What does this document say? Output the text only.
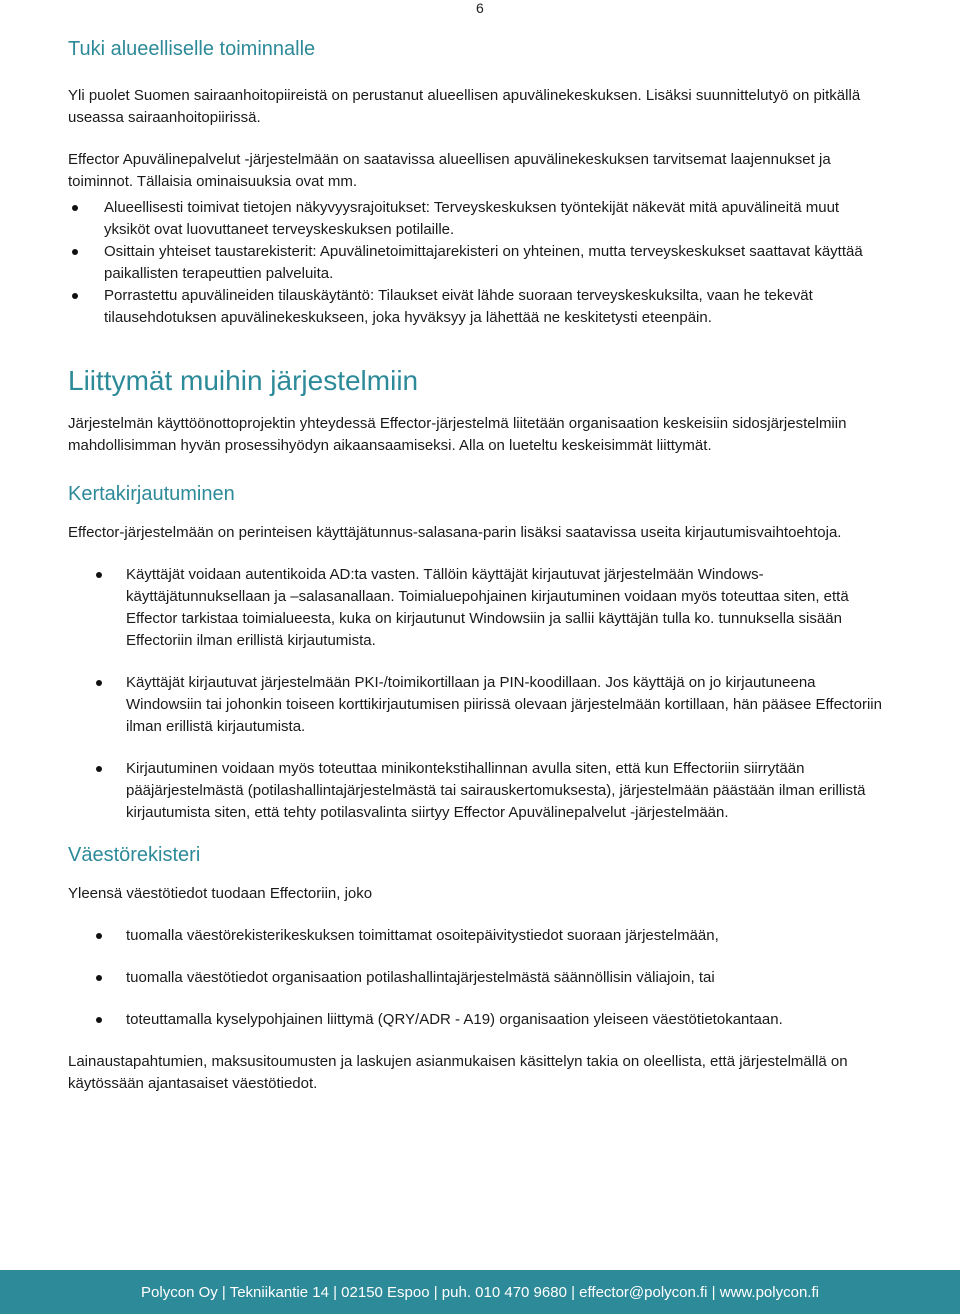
6
Tuki alueelliselle toiminnalle

Yli puolet Suomen sairaanhoitopiireistä on perustanut alueellisen apuvälinekeskuksen. Lisäksi suunnittelutyö on pitkällä useassa sairaanhoitopiirissä.

Effector Apuvälinepalvelut -järjestelmään on saatavissa alueellisen apuvälinekeskuksen tarvitsemat laajennukset ja toiminnot. Tällaisia ominaisuuksia ovat mm.

Alueellisesti toimivat tietojen näkyvyysrajoitukset: Terveyskeskuksen työntekijät näkevät mitä apuvälineitä muut yksiköt ovat luovuttaneet terveyskeskuksen potilaille.
Osittain yhteiset taustarekisterit: Apuvälinetoimittajarekisteri on yhteinen, mutta terveyskeskukset saattavat käyttää paikallisten terapeuttien palveluita.
Porrastettu apuvälineiden tilauskäytäntö: Tilaukset eivät lähde suoraan terveyskeskuksilta, vaan he tekevät tilausehdotuksen apuvälinekeskukseen, joka hyväksyy ja lähettää ne keskitetysti eteenpäin.
Liittymät muihin järjestelmiin

Järjestelmän käyttöönottoprojektin yhteydessä Effector-järjestelmä liitetään organisaation keskeisiin sidosjärjestelmiin mahdollisimman hyvän prosessihyödyn aikaansaamiseksi. Alla on lueteltu keskeisimmät liittymät.

Kertakirjautuminen

Effector-järjestelmään on perinteisen käyttäjätunnus-salasana-parin lisäksi saatavissa useita kirjautumisvaihtoehtoja.

Käyttäjät voidaan autentikoida AD:ta vasten. Tällöin käyttäjät kirjautuvat järjestelmään Windows-käyttäjätunnuksellaan ja –salasanallaan. Toimialuepohjainen kirjautuminen voidaan myös toteuttaa siten, että Effector tarkistaa toimialueesta, kuka on kirjautunut Windowsiin ja sallii käyttäjän tulla ko. tunnuksella sisään Effectoriin ilman erillistä kirjautumista.
Käyttäjät kirjautuvat järjestelmään PKI-/toimikortillaan ja PIN-koodillaan. Jos käyttäjä on jo kirjautuneena Windowsiin tai johonkin toiseen korttikirjautumisen piirissä olevaan järjestelmään kortillaan, hän pääsee Effectoriin ilman erillistä kirjautumista.
Kirjautuminen voidaan myös toteuttaa minikontekstihallinnan avulla siten, että kun Effectoriin siirrytään pääjärjestelmästä (potilashallintajärjestelmästä tai sairauskertomuksesta), järjestelmään päästään ilman erillistä kirjautumista siten, että tehty potilasvalinta siirtyy Effector Apuvälinepalvelut -järjestelmään.
Väestörekisteri

Yleensä väestötiedot tuodaan Effectoriin, joko

tuomalla väestörekisterikeskuksen toimittamat osoitepäivitystiedot suoraan järjestelmään,
tuomalla väestötiedot organisaation potilashallintajärjestelmästä säännöllisin väliajoin, tai
toteuttamalla kyselypohjainen liittymä (QRY/ADR - A19) organisaation yleiseen väestötietokantaan.

Lainaustapahtumien, maksusitoumusten ja laskujen asianmukaisen käsittelyn takia on oleellista, että järjestelmällä on käytössään ajantasaiset väestötiedot.

Polycon Oy | Tekniikantie 14 | 02150 Espoo | puh. 010 470 9680 | effector@polycon.fi | www.polycon.fi
